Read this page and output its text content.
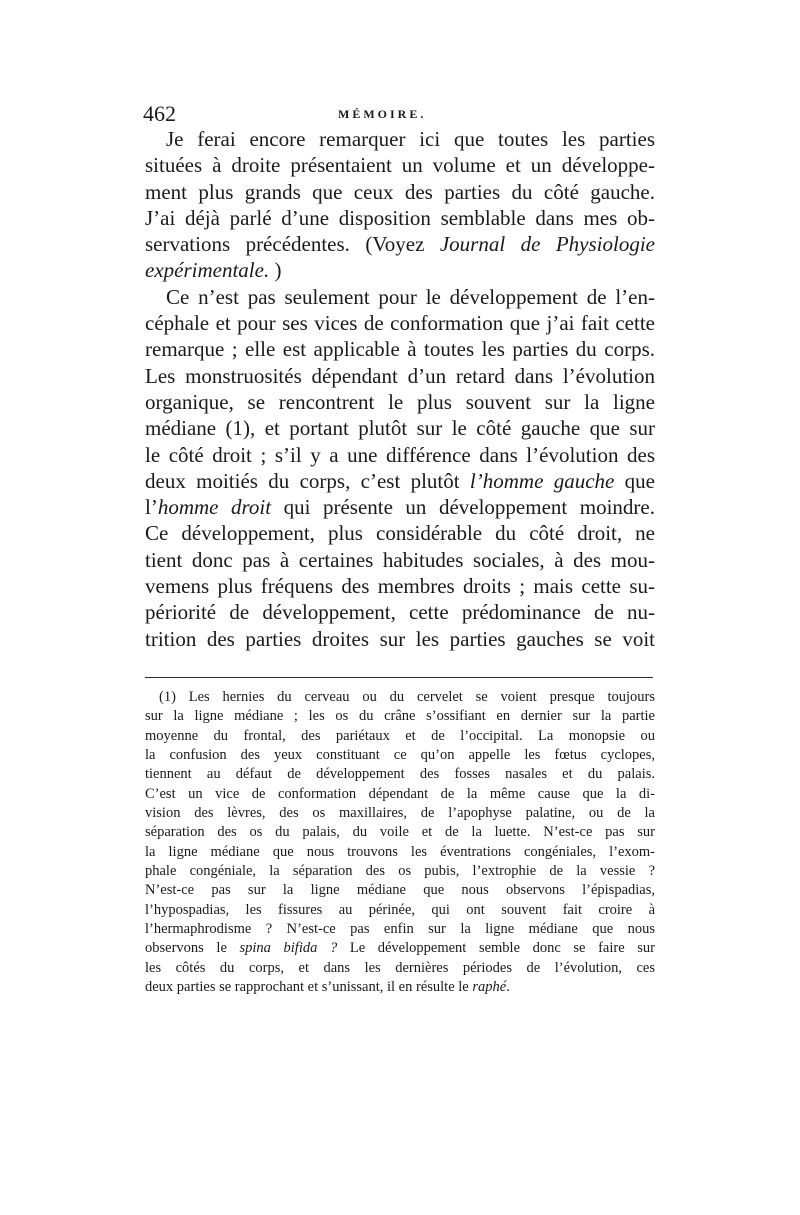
462	MÉMOIRE.
Je ferai encore remarquer ici que toutes les parties
situées à droite présentaient un volume et un développe-
ment plus grands que ceux des parties du côté gauche.
J’ai déjà parlé d’une disposition semblable dans mes ob-
servations précédentes. (Voyez Journal de Physiologie
expérimentale. )
Ce n’est pas seulement pour le développement de l’en-
céphale et pour ses vices de conformation que j’ai fait cette
remarque ; elle est applicable à toutes les parties du corps.
Les monstruosités dépendant d’un retard dans l’évolution
organique, se rencontrent le plus souvent sur la ligne
médiane (1), et portant plutôt sur le côté gauche que sur
le côté droit ; s’il y a une différence dans l’évolution des
deux moitiés du corps, c’est plutôt l’homme gauche que
l’homme droit qui présente un développement moindre.
Ce développement, plus considérable du côté droit, ne
tient donc pas à certaines habitudes sociales, à des mou-
vemens plus fréquens des membres droits ; mais cette su-
périorité de développement, cette prédominance de nu-
trition des parties droites sur les parties gauches se voit
(1) Les hernies du cerveau ou du cervelet se voient presque toujours
sur la ligne médiane ; les os du crâne s’ossifiant en dernier sur la partie
moyenne du frontal, des pariétaux et de l’occipital. La monopsie ou
la confusion des yeux constituant ce qu’on appelle les fœtus cyclopes,
tiennent au défaut de développement des fosses nasales et du palais.
C’est un vice de conformation dépendant de la même cause que la di-
vision des lèvres, des os maxillaires, de l’apophyse palatine, ou de la
séparation des os du palais, du voile et de la luette. N’est-ce pas sur
la ligne médiane que nous trouvons les éventrations congéniales, l’exom-
phale congéniale, la séparation des os pubis, l’extrophie de la vessie ?
N’est-ce pas sur la ligne médiane que nous observons l’épispadias,
l’hypospadias, les fissures au périnée, qui ont souvent fait croire à
l’hermaphrodisme ? N’est-ce pas enfin sur la ligne médiane que nous
observons le spina bifida ? Le développement semble donc se faire sur
les côtés du corps, et dans les dernières périodes de l’évolution, ces
deux parties se rapprochant et s’unissant, il en résulte le raphé.
